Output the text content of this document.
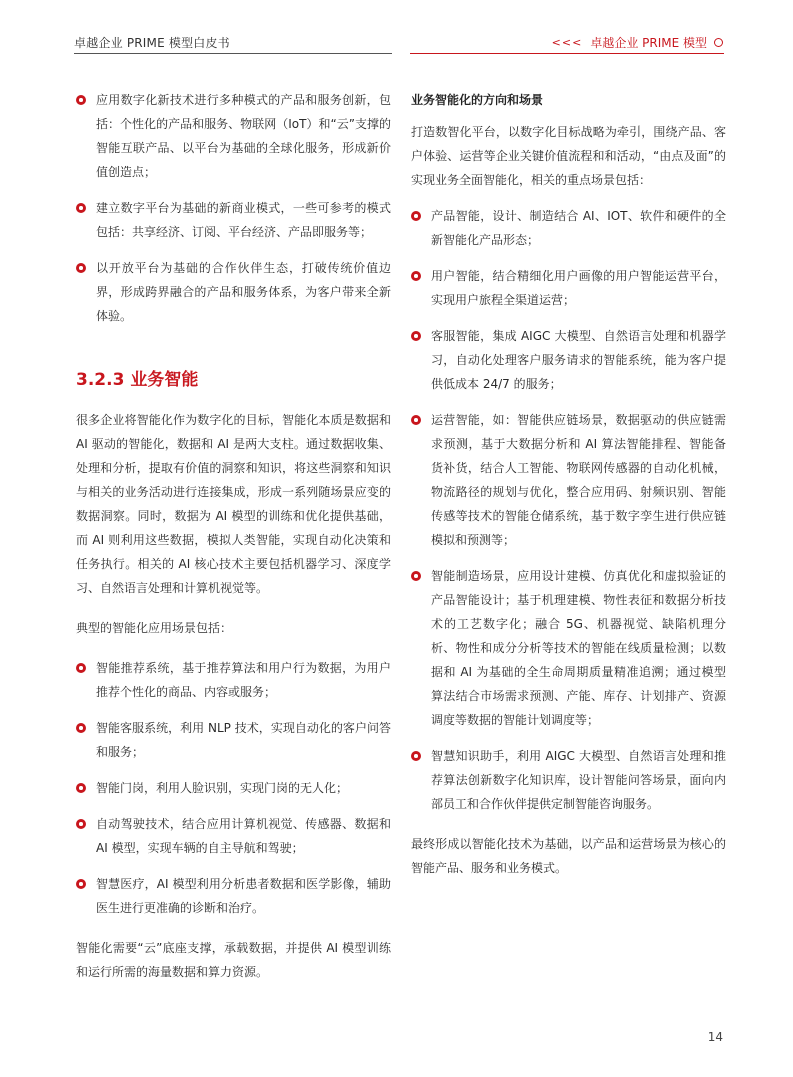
卓越企业 PRIME 模型白皮书	<<< 卓越企业 PRIME 模型
应用数字化新技术进行多种模式的产品和服务创新，包括：个性化的产品和服务、物联网（IoT）和“云”支撑的智能互联产品、以平台为基础的全球化服务，形成新价值创造点；
建立数字平台为基础的新商业模式，一些可参考的模式包括：共享经济、订阅、平台经济、产品即服务等；
以开放平台为基础的合作伙伴生态，打破传统价值边界，形成跨界融合的产品和服务体系，为客户带来全新体验。
3.2.3 业务智能

很多企业将智能化作为数字化的目标，智能化本质是数据和AI 驱动的智能化，数据和 AI 是两大支柱。通过数据收集、处理和分析，提取有价值的洞察和知识，将这些洞察和知识与相关的业务活动进行连接集成，形成一系列随场景应变的数据洞察。同时，数据为 AI 模型的训练和优化提供基础，而 AI 则利用这些数据，模拟人类智能，实现自动化决策和任务执行。相关的 AI 核心技术主要包括机器学习、深度学习、自然语言处理和计算机视觉等。

典型的智能化应用场景包括：

智能推荐系统，基于推荐算法和用户行为数据，为用户推荐个性化的商品、内容或服务；
智能客服系统，利用 NLP 技术，实现自动化的客户问答和服务；
智能门岗，利用人脸识别，实现门岗的无人化；
自动驾驶技术，结合应用计算机视觉、传感器、数据和 AI 模型，实现车辆的自主导航和驾驶；
智慧医疗，AI 模型利用分析患者数据和医学影像，辅助医生进行更准确的诊断和治疗。

智能化需要“云”底座支撑，承载数据，并提供 AI 模型训练和运行所需的海量数据和算力资源。

业务智能化的方向和场景

打造数智化平台，以数字化目标战略为牵引，围绕产品、客户体验、运营等企业关键价值流程和和活动，“由点及面”的实现业务全面智能化，相关的重点场景包括：

产品智能，设计、制造结合 AI、IOT、软件和硬件的全新智能化产品形态；
用户智能，结合精细化用户画像的用户智能运营平台，实现用户旅程全渠道运营；
客服智能，集成 AIGC 大模型、自然语言处理和机器学习，自动化处理客户服务请求的智能系统，能为客户提供低成本 24/7 的服务；
运营智能，如：智能供应链场景，数据驱动的供应链需求预测，基于大数据分析和 AI 算法智能排程、智能备货补货，结合人工智能、物联网传感器的自动化机械，物流路径的规划与优化，整合应用码、射频识别、智能传感等技术的智能仓储系统，基于数字孪生进行供应链模拟和预测等；
智能制造场景，应用设计建模、仿真优化和虚拟验证的产品智能设计；基于机理建模、物性表征和数据分析技术的工艺数字化；融合 5G、机器视觉、缺陷机理分析、物性和成分分析等技术的智能在线质量检测；以数据和 AI 为基础的全生命周期质量精准追溯；通过模型算法结合市场需求预测、产能、库存、计划排产、资源调度等数据的智能计划调度等；
智慧知识助手，利用 AIGC 大模型、自然语言处理和推荐算法创新数字化知识库，设计智能问答场景，面向内部员工和合作伙伴提供定制智能咨询服务。

最终形成以智能化技术为基础，以产品和运营场景为核心的智能产品、服务和业务模式。

14
